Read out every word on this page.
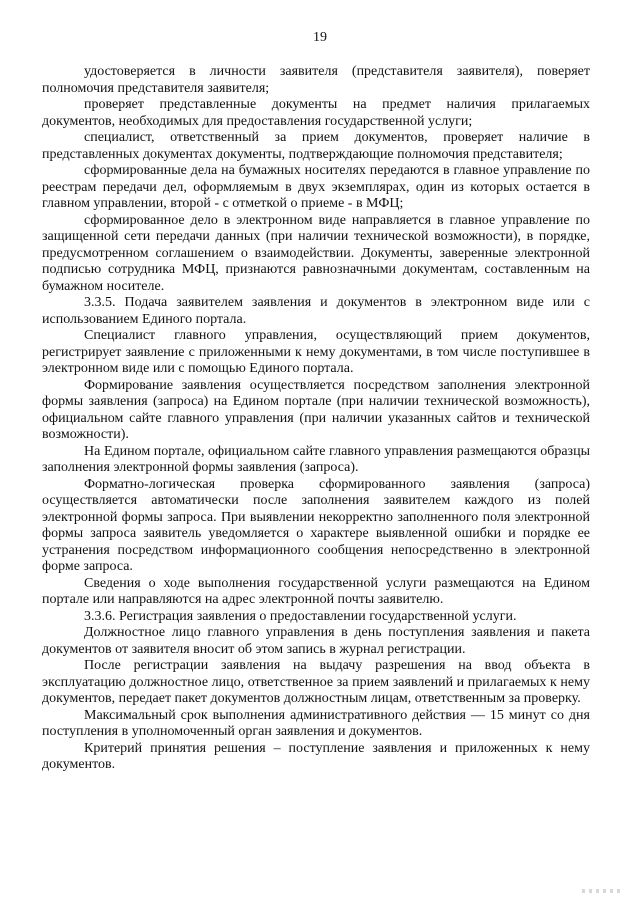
19

удостоверяется в личности заявителя (представителя заявителя), поверяет полномочия представителя заявителя;

проверяет представленные документы на предмет наличия прилагаемых документов, необходимых для предоставления государственной услуги;

специалист, ответственный за прием документов, проверяет наличие в представленных документах документы, подтверждающие полномочия представителя;

сформированные дела на бумажных носителях передаются в главное управление по реестрам передачи дел, оформляемым в двух экземплярах, один из которых остается в главном управлении, второй - с отметкой о приеме - в МФЦ;

сформированное дело в электронном виде направляется в главное управление по защищенной сети передачи данных (при наличии технической возможности), в порядке, предусмотренном соглашением о взаимодействии. Документы, заверенные электронной подписью сотрудника МФЦ, признаются равнозначными документам, составленным на бумажном носителе.

3.3.5. Подача заявителем заявления и документов в электронном виде или с использованием Единого портала.

Специалист главного управления, осуществляющий прием документов, регистрирует заявление с приложенными к нему документами, в том числе поступившее в электронном виде или с помощью Единого портала.

Формирование заявления осуществляется посредством заполнения электронной формы заявления (запроса) на Едином портале (при наличии технической возможность), официальном сайте главного управления (при наличии указанных сайтов и технической возможности).

На Едином портале, официальном сайте главного управления размещаются образцы заполнения электронной формы заявления (запроса).

Форматно-логическая проверка сформированного заявления (запроса) осуществляется автоматически после заполнения заявителем каждого из полей электронной формы запроса. При выявлении некорректно заполненного поля электронной формы запроса заявитель уведомляется о характере выявленной ошибки и порядке ее устранения посредством информационного сообщения непосредственно в электронной форме запроса.

Сведения о ходе выполнения государственной услуги размещаются на Едином портале или направляются на адрес электронной почты заявителю.

3.3.6. Регистрация заявления о предоставлении государственной услуги.

Должностное лицо главного управления в день поступления заявления и пакета документов от заявителя вносит об этом запись в журнал регистрации.

После регистрации заявления на выдачу разрешения на ввод объекта в эксплуатацию должностное лицо, ответственное за прием заявлений и прилагаемых к нему документов, передает пакет документов должностным лицам, ответственным за проверку.

Максимальный срок выполнения административного действия — 15 минут со дня поступления в уполномоченный орган заявления и документов.

Критерий принятия решения – поступление заявления и приложенных к нему документов.
